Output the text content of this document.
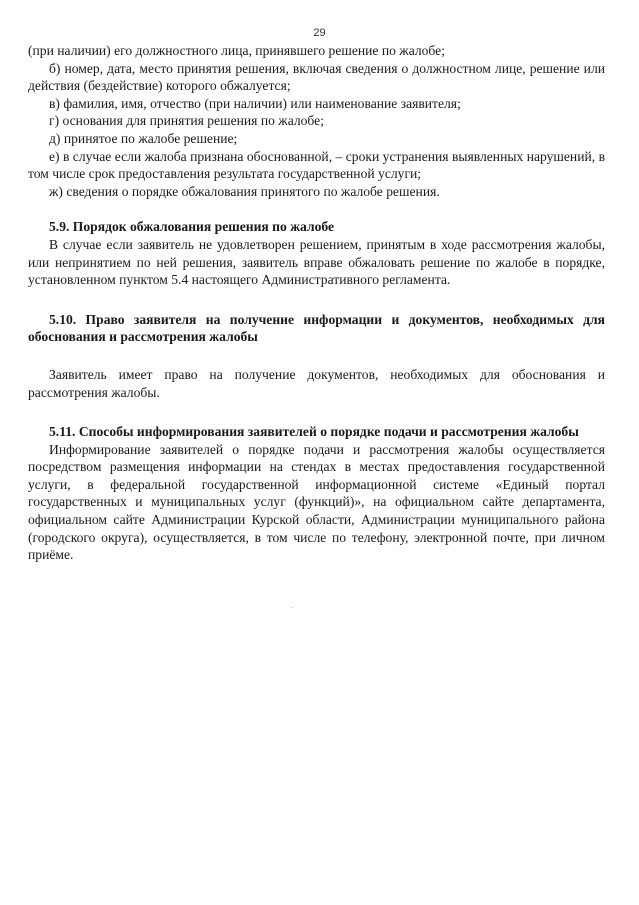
29

(при наличии) его должностного лица, принявшего решение по жалобе;

б) номер, дата, место принятия решения, включая сведения о должностном лице, решение или действия (бездействие) которого обжалуется;

в) фамилия, имя, отчество (при наличии) или наименование заявителя;

г) основания для принятия решения по жалобе;

д) принятое по жалобе решение;

е) в случае если жалоба признана обоснованной, – сроки устранения выявленных нарушений, в том числе срок предоставления результата государственной услуги;

ж) сведения о порядке обжалования принятого по жалобе решения.

5.9. Порядок обжалования решения по жалобе

В случае если заявитель не удовлетворен решением, принятым в ходе рассмотрения жалобы, или непринятием по ней решения, заявитель вправе обжаловать решение по жалобе в порядке, установленном пунктом 5.4 настоящего Административного регламента.

5.10. Право заявителя на получение информации и документов, необходимых для обоснования и рассмотрения жалобы

Заявитель имеет право на получение документов, необходимых для обоснования и рассмотрения жалобы.

5.11. Способы информирования заявителей о порядке подачи и рассмотрения жалобы

Информирование заявителей о порядке подачи и рассмотрения жалобы осуществляется посредством размещения информации на стендах в местах предоставления государственной услуги, в федеральной государственной информационной системе «Единый портал государственных и муниципальных услуг (функций)», на официальном сайте департамента, официальном сайте Администрации Курской области, Администрации муниципального района (городского округа), осуществляется, в том числе по телефону, электронной почте, при личном приёме.
